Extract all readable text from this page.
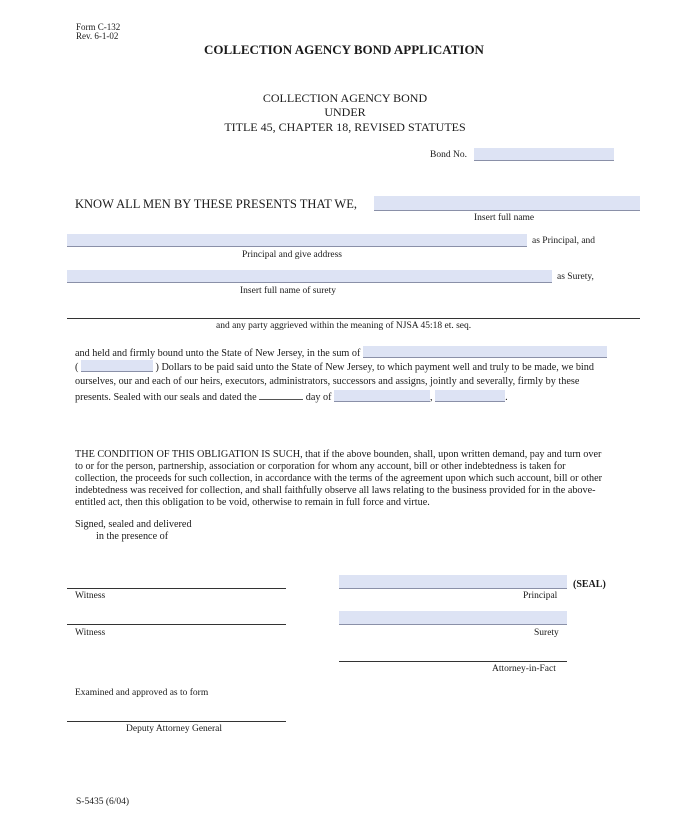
Form C-132
Rev. 6-1-02
COLLECTION AGENCY BOND APPLICATION
COLLECTION AGENCY BOND
UNDER
TITLE 45, CHAPTER 18, REVISED STATUTES
Bond No.
KNOW ALL MEN BY THESE PRESENTS THAT WE,
Insert full name
as Principal, and
Principal and give address
as Surety,
Insert full name of surety
and any party aggrieved within the meaning of NJSA 45:18 et. seq.
and held and firmly bound unto the State of New Jersey, in the sum of
(	) Dollars to be paid said unto the State of New Jersey, to which payment well and truly to be made, we bind
ourselves, our and each of our heirs, executors, administrators, successors and assigns, jointly and severally, firmly by these
presents. Sealed with our seals and dated the	day of	,	.
THE CONDITION OF THIS OBLIGATION IS SUCH, that if the above bounden, shall, upon written demand, pay and turn over
to or for the person, partnership, association or corporation for whom any account, bill or other indebtedness is taken for
collection, the proceeds for such collection, in accordance with the terms of the agreement upon which such account, bill or other
indebtedness was received for collection, and shall faithfully observe all laws relating to the business provided for in the above-
entitled act, then this obligation to be void, otherwise to remain in full force and virtue.
Signed, sealed and delivered
in the presence of
Witness
(SEAL)
Principal
Witness	Surety
Attorney-in-Fact
Examined and approved as to form
Deputy Attorney General
S-5435 (6/04)
